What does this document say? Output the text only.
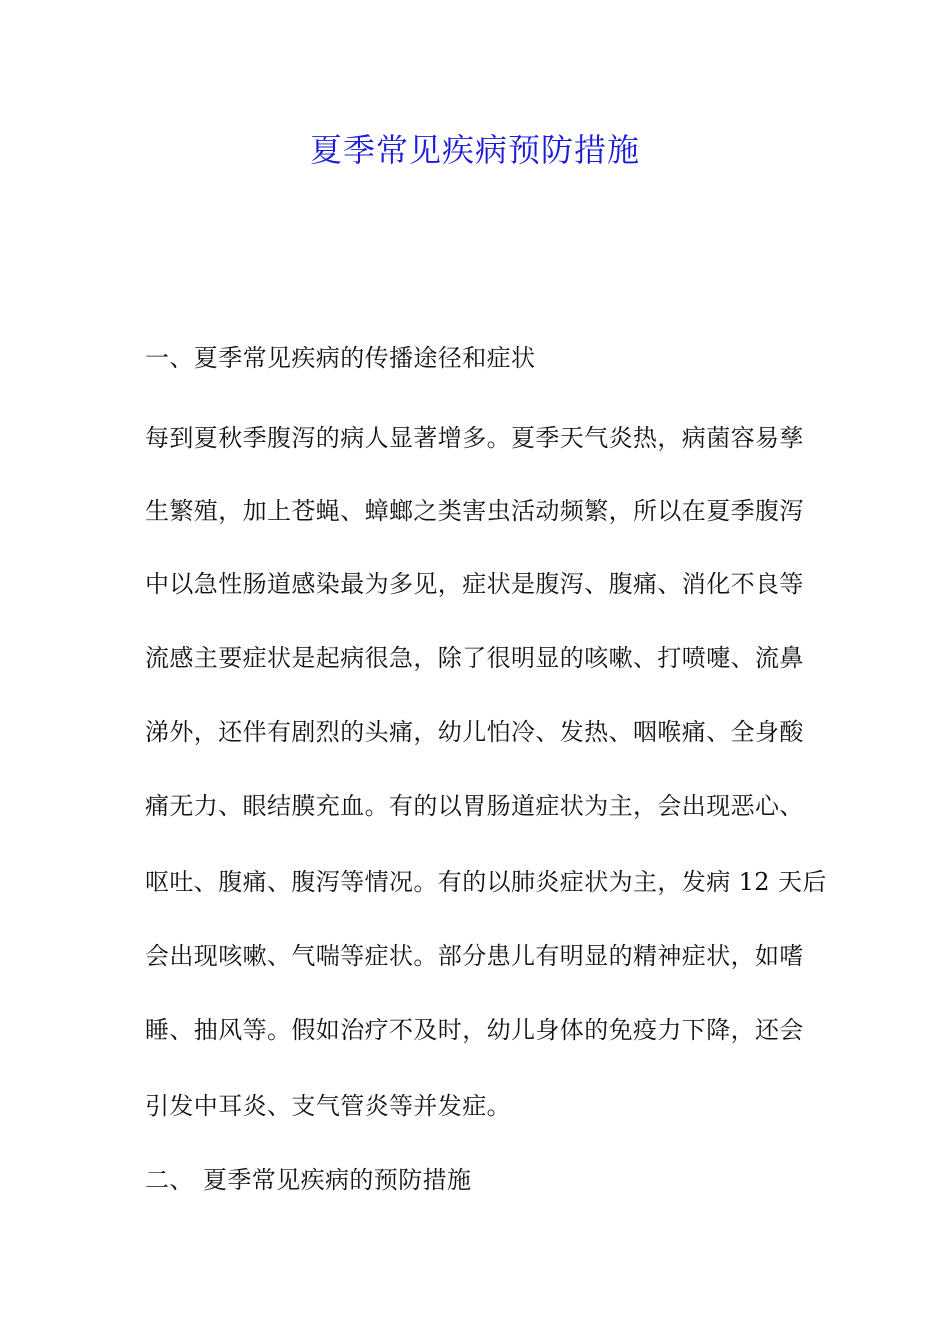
夏季常见疾病预防措施
一、夏季常见疾病的传播途径和症状
每到夏秋季腹泻的病人显著增多。夏季天气炎热，病菌容易孳
生繁殖，加上苍蝇、蟑螂之类害虫活动频繁，所以在夏季腹泻
中以急性肠道感染最为多见，症状是腹泻、腹痛、消化不良等
流感主要症状是起病很急，除了很明显的咳嗽、打喷嚏、流鼻
涕外，还伴有剧烈的头痛，幼儿怕冷、发热、咽喉痛、全身酸
痛无力、眼结膜充血。有的以胃肠道症状为主，会出现恶心、
呕吐、腹痛、腹泻等情况。有的以肺炎症状为主，发病 12 天后
会出现咳嗽、气喘等症状。部分患儿有明显的精神症状，如嗜
睡、抽风等。假如治疗不及时，幼儿身体的免疫力下降，还会
引发中耳炎、支气管炎等并发症。
二、 夏季常见疾病的预防措施
